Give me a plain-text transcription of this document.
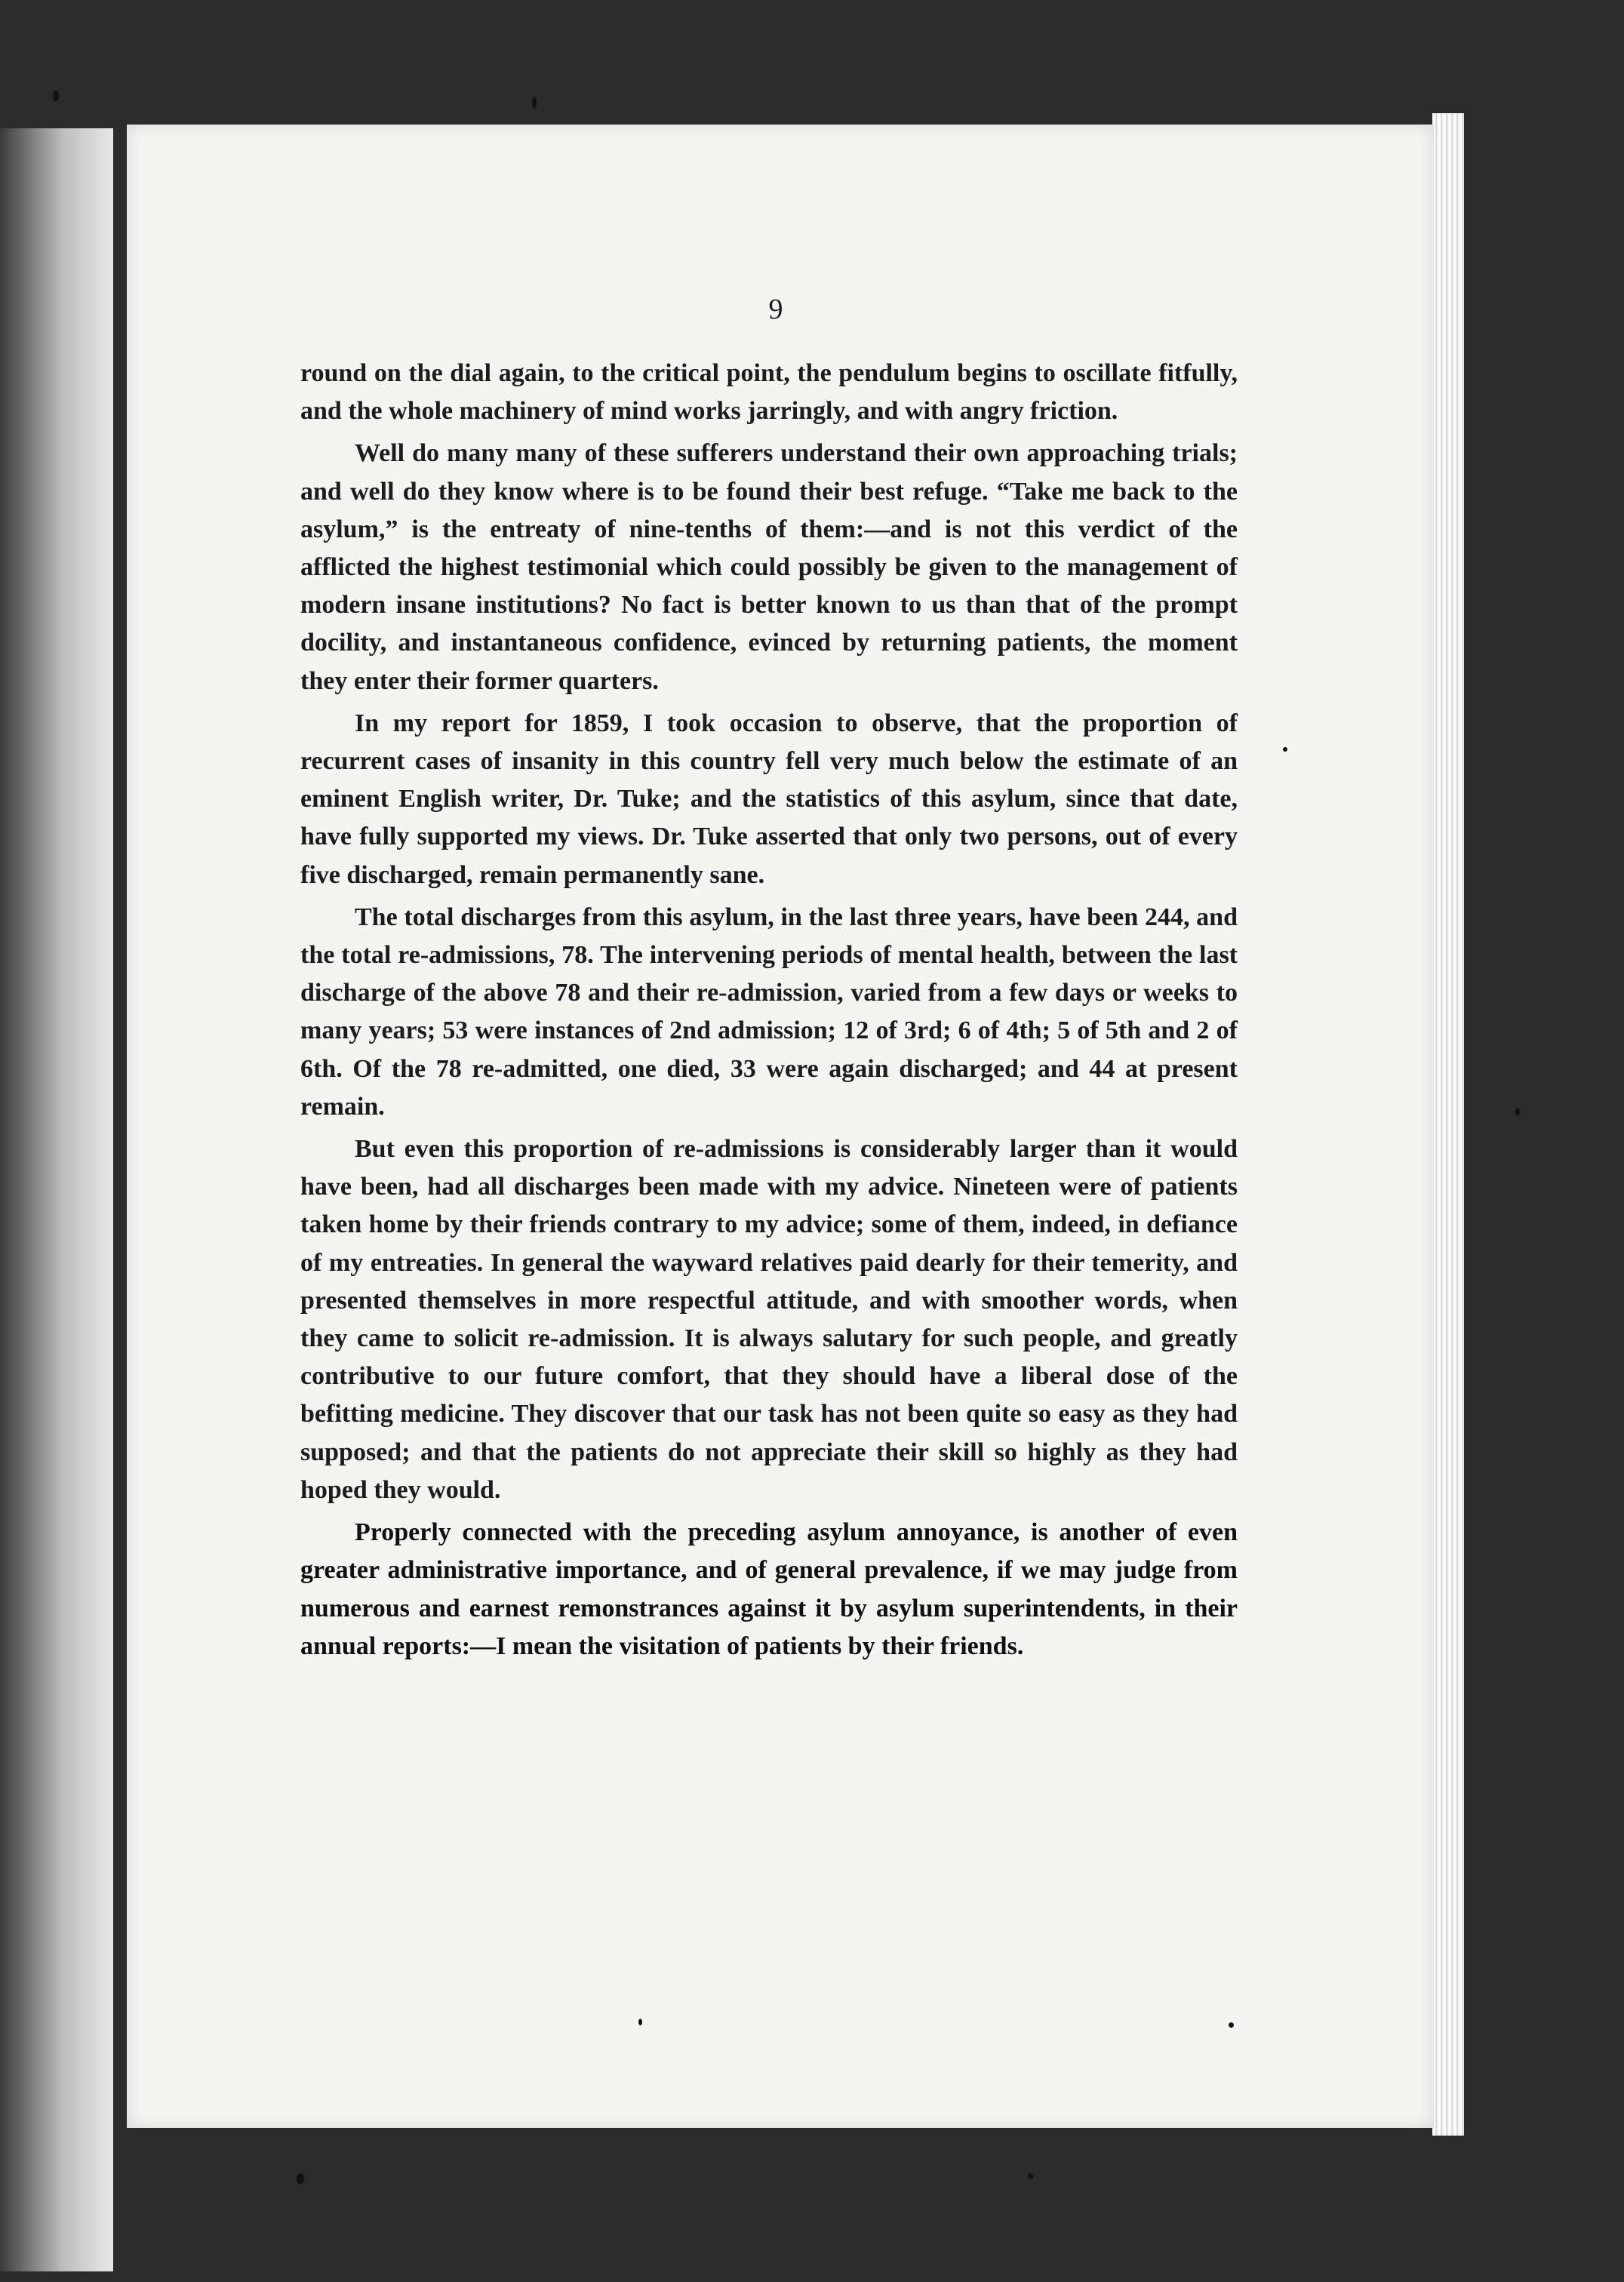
9

round on the dial again, to the critical point, the pendulum begins to oscillate fitfully, and the whole machinery of mind works jarringly, and with angry friction.

Well do many many of these sufferers understand their own approaching trials; and well do they know where is to be found their best refuge. “Take me back to the asylum,” is the entreaty of nine-tenths of them:—and is not this verdict of the afflicted the highest testimonial which could possibly be given to the management of modern insane institutions? No fact is better known to us than that of the prompt docility, and instantaneous confidence, evinced by returning patients, the moment they enter their former quarters.

In my report for 1859, I took occasion to observe, that the proportion of recurrent cases of insanity in this country fell very much below the estimate of an eminent English writer, Dr. Tuke; and the statistics of this asylum, since that date, have fully supported my views. Dr. Tuke asserted that only two persons, out of every five discharged, remain permanently sane.

The total discharges from this asylum, in the last three years, have been 244, and the total re-admissions, 78. The intervening periods of mental health, between the last discharge of the above 78 and their re-admission, varied from a few days or weeks to many years; 53 were instances of 2nd admission; 12 of 3rd; 6 of 4th; 5 of 5th and 2 of 6th. Of the 78 re-admitted, one died, 33 were again discharged; and 44 at present remain.

But even this proportion of re-admissions is considerably larger than it would have been, had all discharges been made with my advice. Nineteen were of patients taken home by their friends contrary to my advice; some of them, indeed, in defiance of my entreaties. In general the wayward relatives paid dearly for their temerity, and presented themselves in more respectful attitude, and with smoother words, when they came to solicit re-admission. It is always salutary for such people, and greatly contributive to our future comfort, that they should have a liberal dose of the befitting medicine. They discover that our task has not been quite so easy as they had supposed; and that the patients do not appreciate their skill so highly as they had hoped they would.

Properly connected with the preceding asylum annoyance, is another of even greater administrative importance, and of general prevalence, if we may judge from numerous and earnest remonstrances against it by asylum superintendents, in their annual reports:—I mean the visitation of patients by their friends.
